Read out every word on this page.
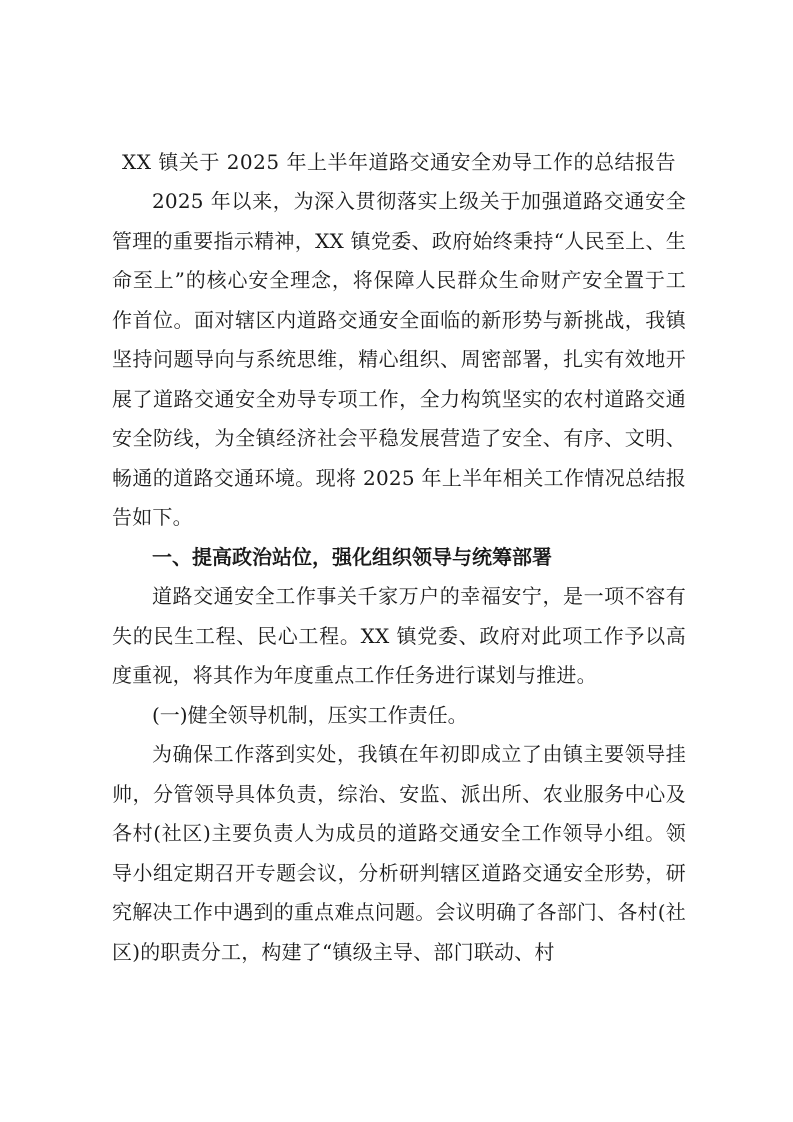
XX 镇关于 2025 年上半年道路交通安全劝导工作的总结报告

2025 年以来，为深入贯彻落实上级关于加强道路交通安全管理的重要指示精神，XX 镇党委、政府始终秉持“人民至上、生命至上”的核心安全理念，将保障人民群众生命财产安全置于工作首位。面对辖区内道路交通安全面临的新形势与新挑战，我镇坚持问题导向与系统思维，精心组织、周密部署，扎实有效地开展了道路交通安全劝导专项工作，全力构筑坚实的农村道路交通安全防线，为全镇经济社会平稳发展营造了安全、有序、文明、畅通的道路交通环境。现将 2025 年上半年相关工作情况总结报告如下。

一、提高政治站位，强化组织领导与统筹部署

道路交通安全工作事关千家万户的幸福安宁，是一项不容有失的民生工程、民心工程。XX 镇党委、政府对此项工作予以高度重视，将其作为年度重点工作任务进行谋划与推进。

(一)健全领导机制，压实工作责任。

为确保工作落到实处，我镇在年初即成立了由镇主要领导挂帅，分管领导具体负责，综治、安监、派出所、农业服务中心及各村(社区)主要负责人为成员的道路交通安全工作领导小组。领导小组定期召开专题会议，分析研判辖区道路交通安全形势，研究解决工作中遇到的重点难点问题。会议明确了各部门、各村(社区)的职责分工，构建了“镇级主导、部门联动、村
